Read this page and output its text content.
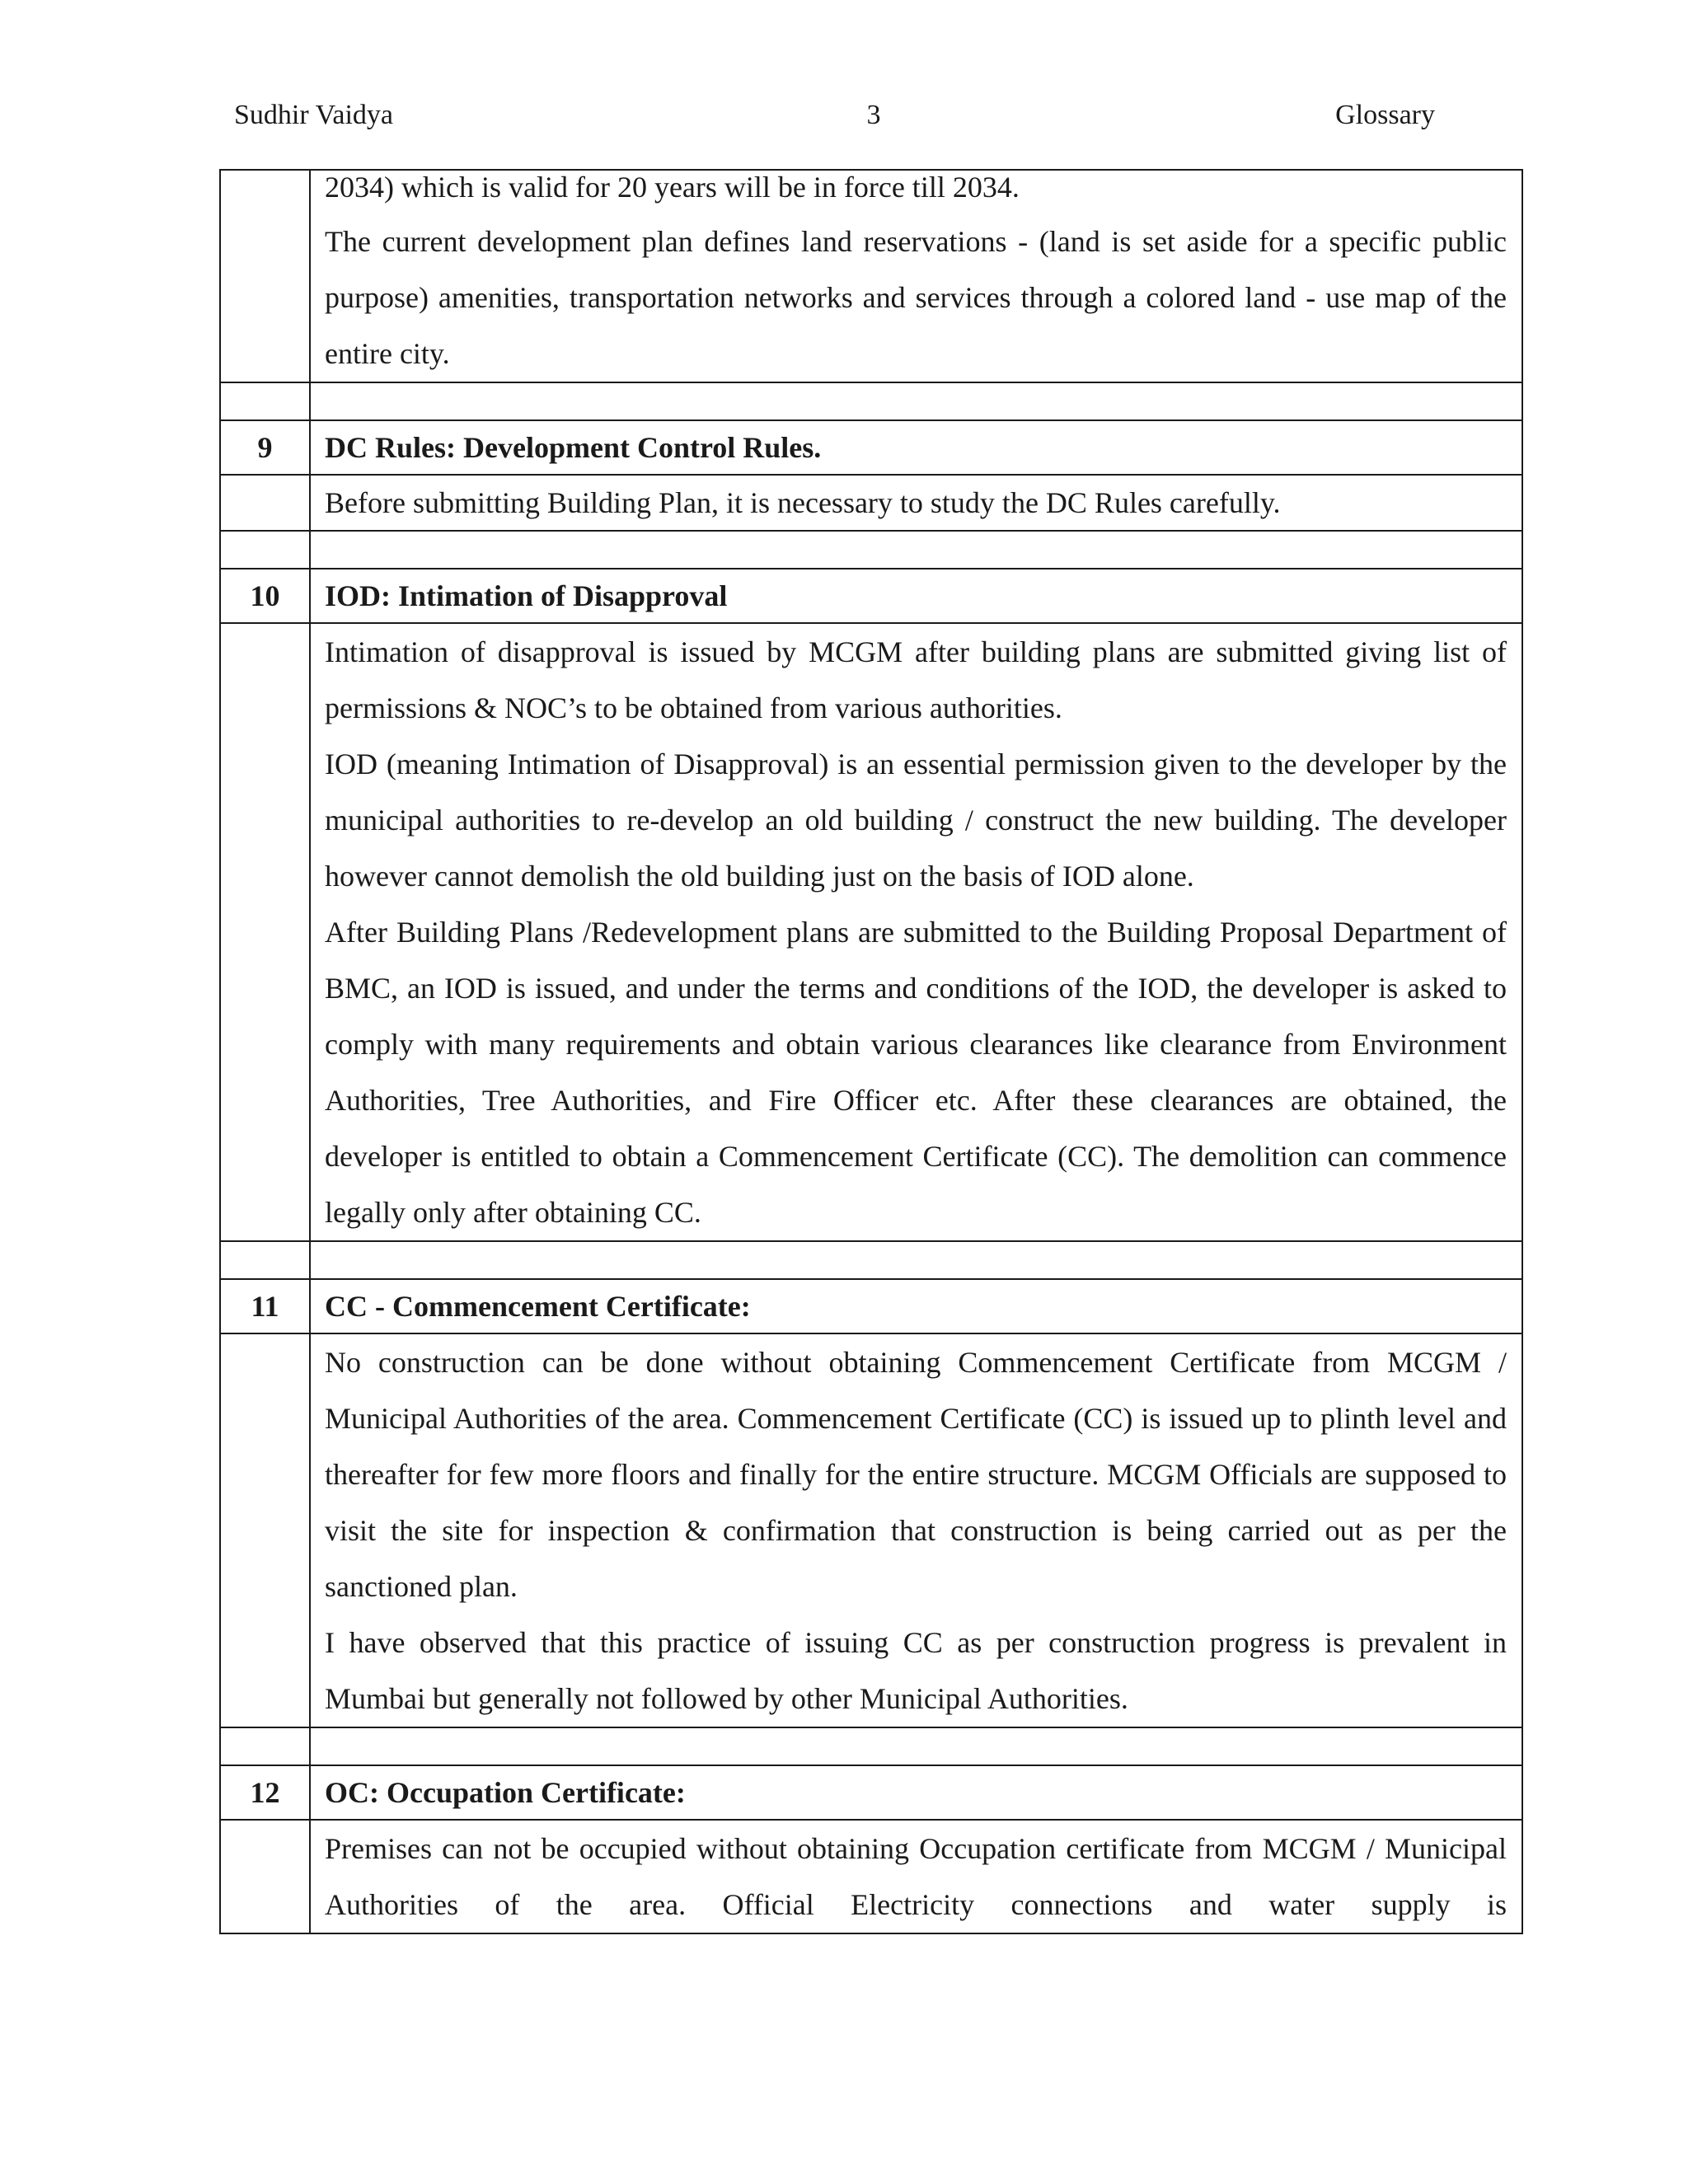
Sudhir Vaidya	3	Glossary

	2034) which is valid for 20 years will be in force till 2034.

The current development plan defines land reservations - (land is set aside for a specific public purpose) amenities, transportation networks and services through a colored land - use map of the entire city.

9	DC Rules: Development Control Rules.

	Before submitting Building Plan, it is necessary to study the DC Rules carefully.

10	IOD: Intimation of Disapproval

	Intimation of disapproval is issued by MCGM after building plans are submitted giving list of permissions & NOC’s to be obtained from various authorities.

IOD (meaning Intimation of Disapproval) is an essential permission given to the developer by the municipal authorities to re-develop an old building / construct the new building. The developer however cannot demolish the old building just on the basis of IOD alone.

After Building Plans /Redevelopment plans are submitted to the Building Proposal Department of BMC, an IOD is issued, and under the terms and conditions of the IOD, the developer is asked to comply with many requirements and obtain various clearances like clearance from Environment Authorities, Tree Authorities, and Fire Officer etc. After these clearances are obtained, the developer is entitled to obtain a Commencement Certificate (CC). The demolition can commence legally only after obtaining CC.

11	CC - Commencement Certificate:

	No construction can be done without obtaining Commencement Certificate from MCGM / Municipal Authorities of the area. Commencement Certificate (CC) is issued up to plinth level and thereafter for few more floors and finally for the entire structure. MCGM Officials are supposed to visit the site for inspection & confirmation that construction is being carried out as per the sanctioned plan.

I have observed that this practice of issuing CC as per construction progress is prevalent in Mumbai but generally not followed by other Municipal Authorities.

12	OC: Occupation Certificate:

	Premises can not be occupied without obtaining Occupation certificate from MCGM / Municipal Authorities of the area. Official Electricity connections and water supply is
